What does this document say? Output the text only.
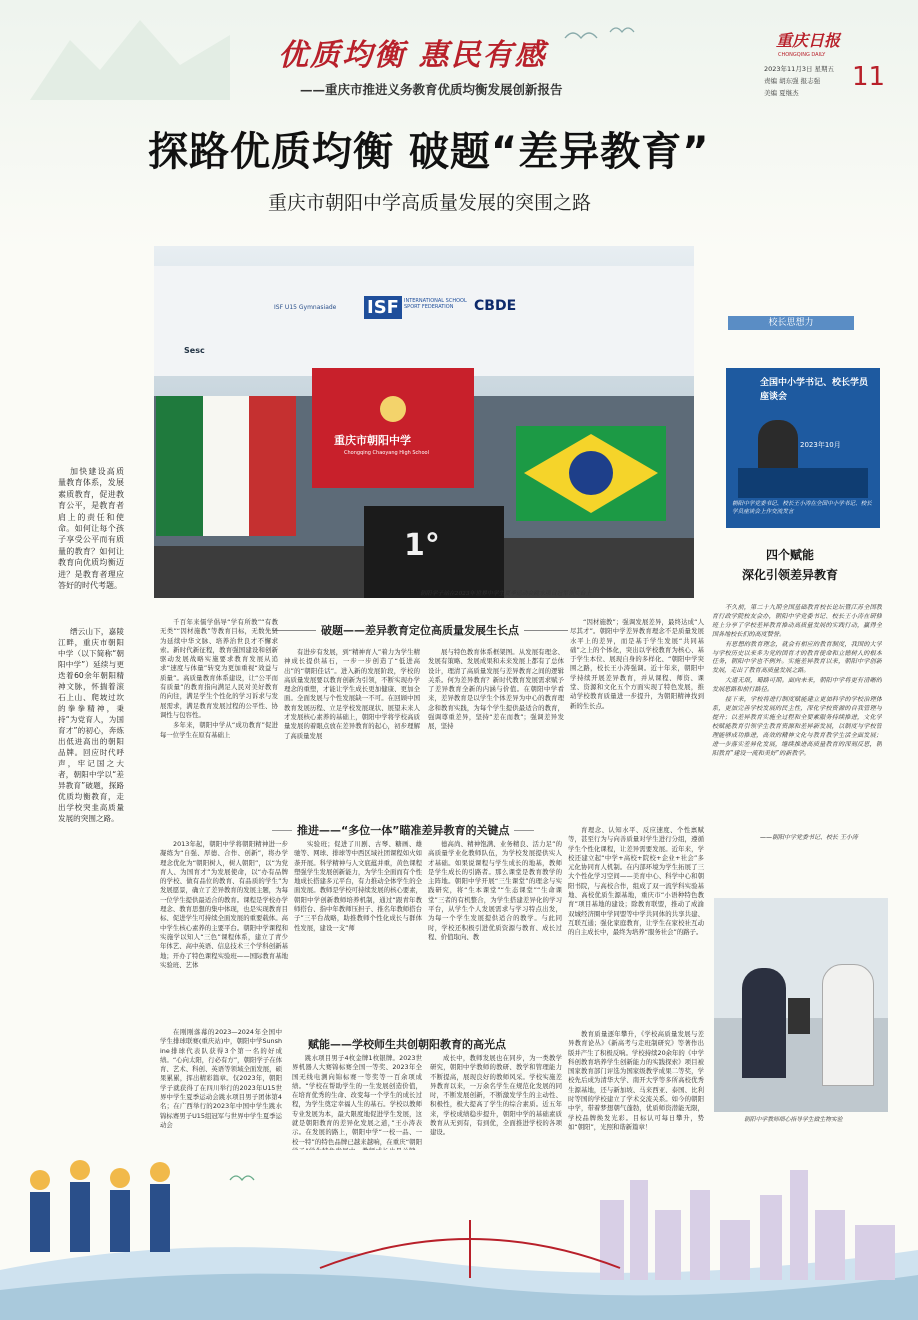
优质均衡 惠民有感
——重庆市推进义务教育优质均衡发展创新报告
重庆日报
CHONGQING DAILY
2023年11月3日 星期五
责编 胡东强 报志强
美编 夏继杰
11
探路优质均衡 破题“差异教育”
重庆市朝阳中学高质量发展的突围之路
ISF U15 Gymnasiade ISF	INTERNATIONAL SCHOOL SPORT FEDERATION	CBDE
Sesc
重庆市朝阳中学
Chongqing Chaoyang High School
1°
朝阳学子站在2023年世界中学生夏季运动会跳水项目冠军领奖台上
加快建设高质量教育体系，发展素质教育，促进教育公平，是教育者肩上的责任和使命。如何让每个孩子享受公平而有质量的教育？如何让教育向优质均衡迈进？是教育者理应答好的时代考题。
缙云山下，嘉陵江畔，重庆市朝阳中学（以下简称“朝阳中学”）延续与更迭着60余年朝阳精神文脉，怀揣着滚石上山、爬坡过坎的拳拳精神，秉持“为党育人，为国育才”的初心，奔炼出低进高出的朝阳品牌。回应时代呼声，牢记国之大者，朝阳中学以“差异教育”破题，探路优质均衡教育，走出学校突韭高质量发展的突围之路。
校长思想力
全国中小学书记、校长学员座谈会
2023年10月
朝阳中学党委书记、校长王小涛在全国中小学书记、校长学员座谈会上作交流发言
四个赋能
深化引领差异教育

不久前，第二十九期全国基础教育校长论坛暨江苏全国教育行政学院校友会办，朝阳中学党委书记、校长王小涛在研修班上分享了学校差异教育推动高质量发展的实践行动，赢得全国各地校长们的高度赞誉。

有思想的教育理念，就会有相应的教育制度，我国的大学与学校历史以来多为党的国育才的教育使命和立德树人的根本任务，朝阳中学也不例外。实施差异教育以来，朝阳中学创新发展，走出了教育高质量发展之路。

大道无垠，蜀路可期。面向未来，朝阳中学将更有清晰的发展思路和前行路径。

接下来，学校将进行制度赋能建立更加科学的学校治理体系，更加完善学校发展的民主性，深化学校资源的自我管理与提升；以差异教育实施全过程和全要素服务持续推进，文化学校赋能教育引领学生教育资源和差异新发展，以制度与学校管理能够成功推进，高效的精神文化与教育教学生活全面发展；进一步落实差异化发展，继续推进高质量教育的深刻反思，朝阳教育“建设一流和美好”的新教学。

——朝阳中学党委书记、校长 王小涛
破题——差异教育定位高质量发展生长点

千百年来儒学倡导“学有所教”“有教无类”“因材施教”等教育目标，无数先贤为延续中华文脉、培养治世良才不懈求索。新时代新征程，教育强国建设和创新驱动发展战略实施要求教育发展从追求“速度与体量”转变为更加重视“效益与质量”。高质量教育体系建设，让“公平而有质量”的教育指向满足人民对美好教育的向往，满足学生个性化的学习诉求与发展需求，满足教育发展过程的公平性、协调性与包容性。

多年来，朝阳中学从“成功教育”促进每一位学生在原有基础上

有进步有发展，到“精神育人”着力为学生精神成长提供基石，一步一步创造了“低进高出”的“朝阳佳话”。进入新的发展阶段，学校的高质量发展要以教育创新为引领，不断实现办学理念的重塑，才能让学生成长更加健康、更加全面。全面发展与个性发展缺一不可。在回顾中国教育发展历程、立足学校发展现状、展望未来人才发展核心素养的基础上，朝阳中学将学校高质量发展的着眼点放在差异教育的起心，初步理解了高质量发展
展与特色教育体系框架图。从发展有理念、发展有策略、发展成果和未来发展上都有了总体设计，理清了高质量发展与差异教育之间的逻辑关系。何为差异教育？新时代教育发展需求赋予了差异教育全新的内涵与价值。在朝阳中学看来，差异教育是以学生个体差异为中心的教育理念和教育实践，为每个学生提供最适合的教育，强调尊重差异，坚持“差在而教”；强调差异发展，坚持
“因材施教”；强调发展差异，最终达成“人尽其才”。朝阳中学差异教育理念不是质量发展水平上的差异，而是基于学生发展“共同基础”之上的个体化，突出以学校教育为核心、基于学生本位、展现自身的多样化、“朝阳中学突围之路，校长王小涛强调。近十年来，朝阳中学持续开展差异教育，并从课程、师资、课堂、资源和文化五个方面实现了特色发展，推动学校教育质量进一步提升，为朝阳精神找到新的生长点。
推进——“多位一体”瞄准差异教育的关键点
2013年起，朝阳中学将朝阳精神进一步凝练为“自强、厚德、合作、创新”，将办学理念优化为“朝阳树人，树人朝阳”，以“为党育人、为国育才”为发展使命，以“办有品牌的学校、做有品位的教育、有品质的学生”为发展愿景，确立了差异教育的发展主题，为每一位学生提供最适合的教育。课程是学校办学理念、教育思想的集中体现，也是实现教育目标、促进学生可持续全面发展的重要载体。高中学生核心素养的主要平台。朝阳中学课程和实施学以知人“三色”课程体系，建立了青少年体艺、高中英语、信息技术三个学科创新基地；开办了特色课程实验班——国际教育基地实验班、艺体
实验班；促进了川剧、古琴、糖画、雄驰等、网球、排球等中西区域社团课程如火如荼开展。科学精神与人文底蕴并重，黄色课程塑强学生发展创新能力，为学生全面而有个性地成长搭建多元平台，有力推动全体学生的全面发展。教师是学校可持续发展的核心要素，朝阳中学创新教师培养机制，通过“跟青年教师搭台、指中年教师压担子、推名年教师搭台子”三平台战略，助推教师个性化成长与群体性发展，建设一支“师
德高尚、精神饱满、业务精良、活力足”的高质量学业化教师队伍，为学校发展提供实人才基础。如果说课程与学生成长的地基，教师是学生成长的引路者。那么课堂是教育教学的主阵地。朝阳中学开展“三生课堂”的理念与实践研究，将“生本课堂”“生态课堂”“生命课堂”三者的有机整合，为学生搭建差异化的学习平台，从学生个人发展需求与学习特点出发，为每一个学生发展提供适合的教学。与此同时，学校还积极引进优质资源与教育、成长过程、价值取向、教
育理念、认知水平、反应速度、个性禀赋等，甚至行为与向善质量对学生进行分组，遵循学生个性化课程，让差异需要发展。近年来，学校还建立起“中学+高校+院校+企业+社会”多元化协同育人机制。在内部环境为学生拓展了三大个性化学习空间——美育中心、科学中心和朝阳书院，与高校合作，组成了双一流学科实验基地、高校优质生源基地，重庆市“小语种特色教育”项目基地的建设；除教育联盟，推动了成渝双城经济圈中学同盟等中学共同体的共享共建、互联互通；强化家庭教育，让学生在家校社互动的自主成长中，最终为培养“服务社会”的路子。
朝阳中学教师细心指导学生做生物实验
赋能——学校师生共创朝阳教育的高光点
在刚刚落幕的2023—2024年全国中学生排球联赛(重庆站)中，朝阳中学Sunshine排球代表队获得3个第一名的好成绩。“心向太阳，行必有方”，朝阳学子在体育、艺术、科创、英语等领域全面发展，硕果累累，挥出精彩篇章。仅2023年，朝阳学子就获得了在四川举行的2023年U15世界中学生夏季运动会跳水项目男子团体第4名；在广西举行的2023年中国中学生跳水锦标赛男子U15组冠军与世界中学生夏季运动会
跳水项目男子4枚金牌1枚银牌。2023世界机器人大赛锦标赛全国一等奖、2023年全国无线电测向锦标赛一等奖等一百余项成绩。“学校在帮助学生的一生发展创造价值，在培育优秀的生命、改变每一个学生的成长过程，为学生奠定幸福人生的基石。学校以教师专业发展为本，最大限度地促进学生发展，这就是朝阳教育的差异化发展之道，”王小涛表示。在发展的路上，朝阳中学“一校一品、一校一特”的特色品牌已越来越响，在重庆“朝阳
成长中，教师发展也在同步，为一类教学研究，朝阳中学教师的教研、教学和管理能力不断提高，展现良好的教师风采。学校实施差异教育以来，一万余名学生在规范化发展的同时，不断发展创新，不断激发学生的主动性、积极性，极大提高了学生的综合素质。近五年来，学校成绩稳步提升，朝阳中学的基础素质教育从无到有，有到优，全面推进学校的各项建设。
教育质量逐年攀升，《学校高质量发展与差异教育论丛》《新高考与走班制研究》等著作出版并产生了积极反响。学校持续20余年的《中学科创教育培养学生创新能力的实践探索》项目被国家教育部门评选为国家级教学成果二等奖，学校先后成为清华大学、南开大学等多所高校优秀生源基地，还与新加坡、马来西亚、泰国、比利时等国的学校建立了学术交流关系。如今的朝阳中学，带着梦想朝气蓬勃，优质师资潜能无限，学校品牌焕发光彩。目标认可每日攀升，势如“朝阳”，光照和谐新篇章！
